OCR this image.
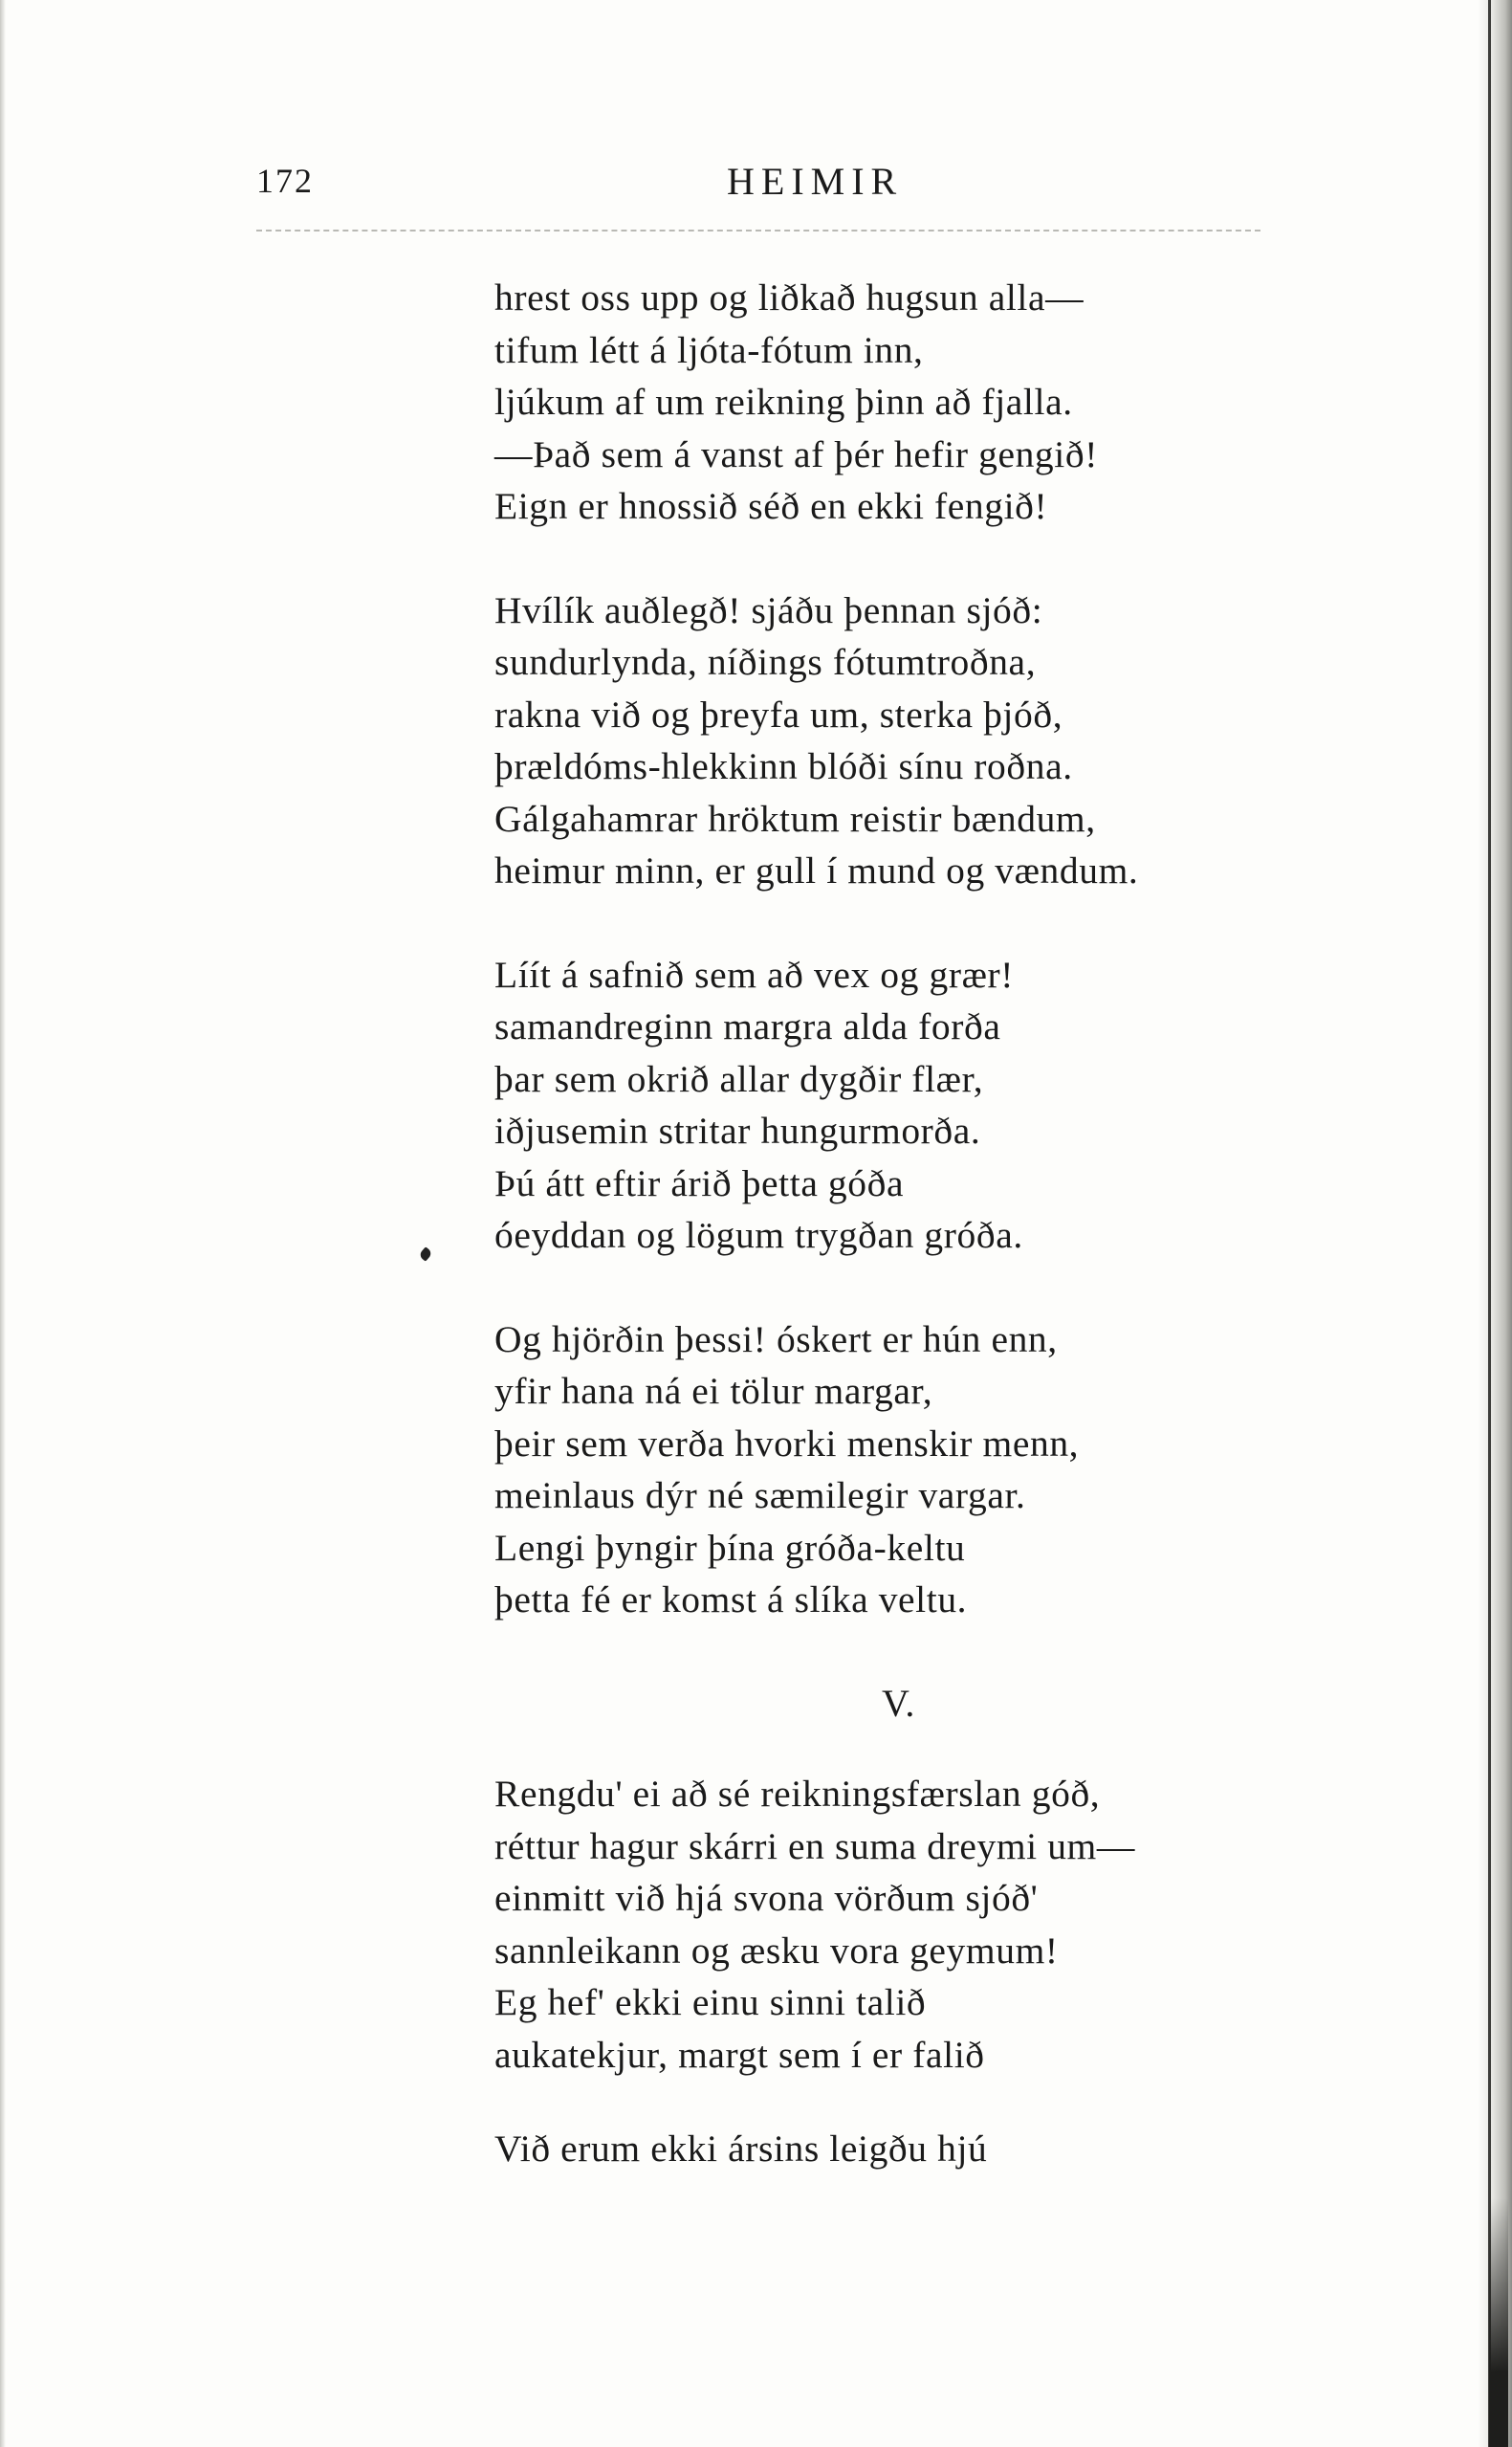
172	HEIMIR
hrest oss upp og liðkað hugsun alla—
tifum létt á ljóta-fótum inn,
ljúkum af um reikning þinn að fjalla.
—Það sem á vanst af þér hefir gengið!
Eign er hnossið séð en ekki fengið!
Hvílík auðlegð! sjáðu þennan sjóð:
sundurlynda, níðings fótumtroðna,
rakna við og þreyfa um, sterka þjóð,
þrældóms-hlekkinn blóði sínu roðna.
Gálgahamrar hröktum reistir bændum,
heimur minn, er gull í mund og vændum.
Líít á safnið sem að vex og grær!
samandreginn margra alda forða
þar sem okrið allar dygðir flær,
iðjusemin stritar hungurmorða.
Þú átt eftir árið þetta góða
óeyddan og lögum trygðan gróða.
Og hjörðin þessi! óskert er hún enn,
yfir hana ná ei tölur margar,
þeir sem verða hvorki menskir menn,
meinlaus dýr né sæmilegir vargar.
Lengi þyngir þína gróða-keltu
þetta fé er komst á slíka veltu.
V.
Rengdu' ei að sé reikningsfærslan góð,
réttur hagur skárri en suma dreymi um—
einmitt við hjá svona vörðum sjóð'
sannleikann og æsku vora geymum!
Eg hef' ekki einu sinni talið
aukatekjur, margt sem í er falið
Við erum ekki ársins leigðu hjú
